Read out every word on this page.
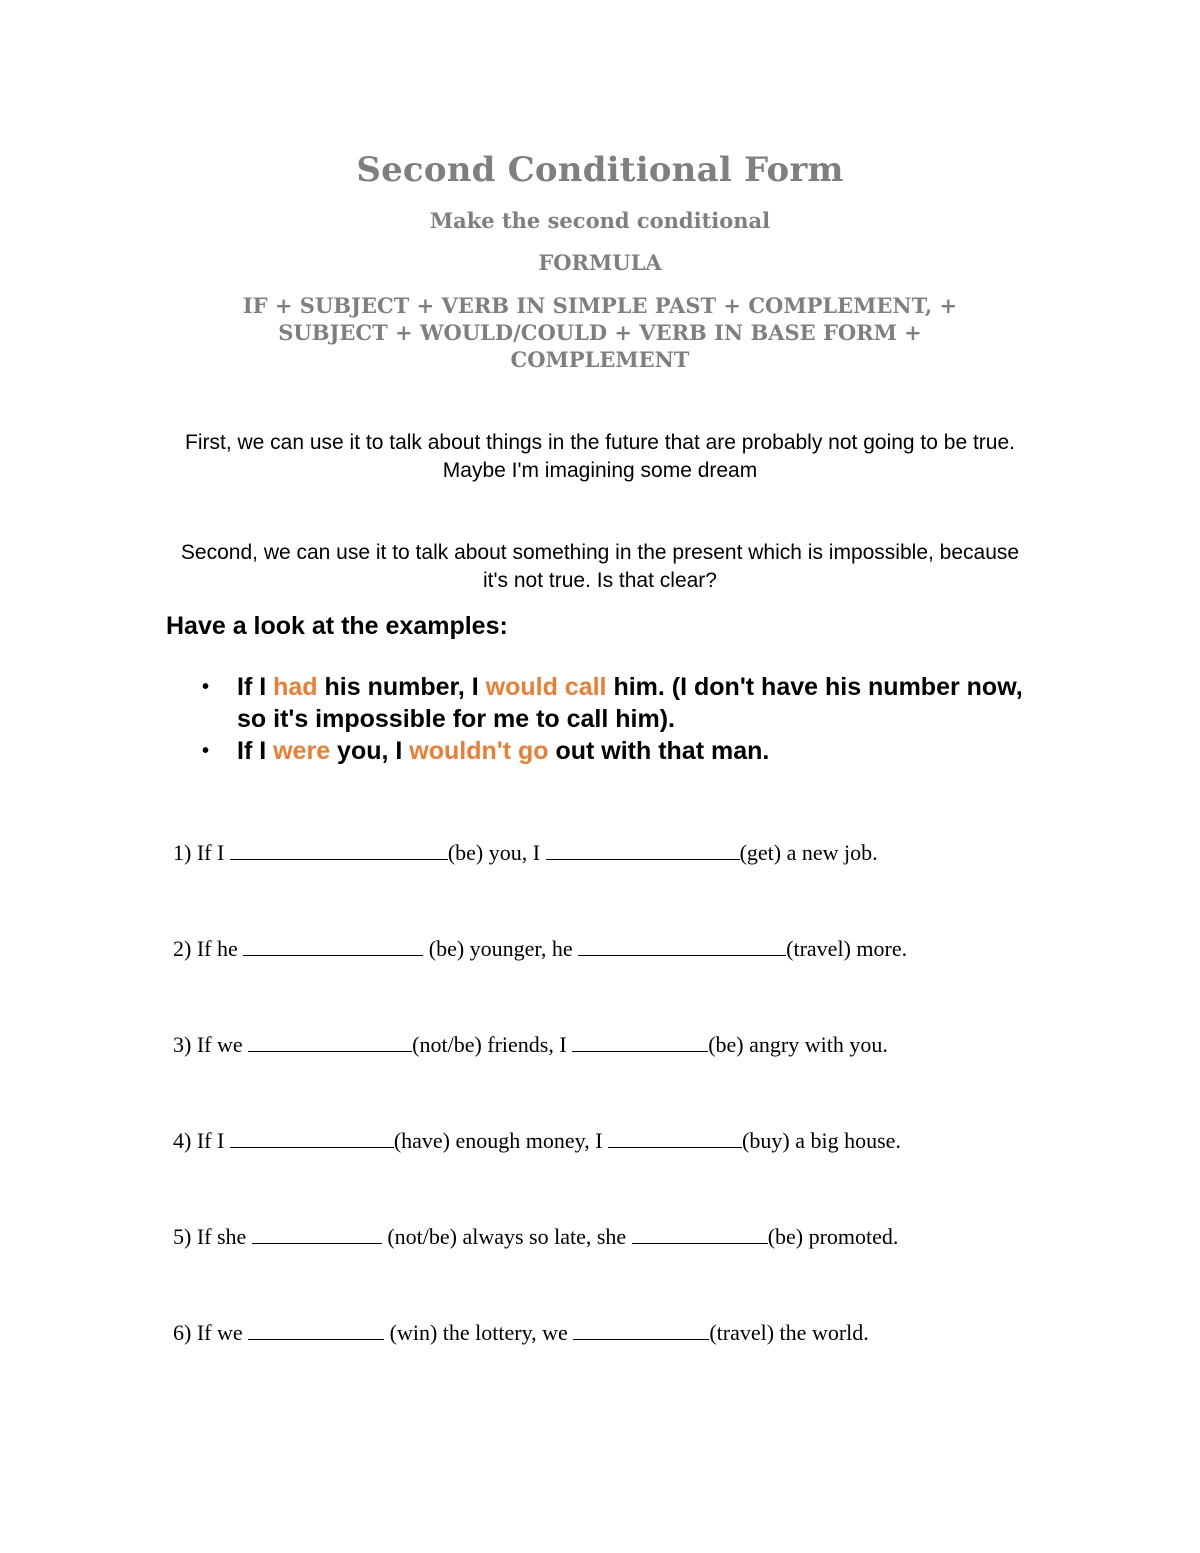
Second Conditional Form
Make the second conditional
FORMULA

IF + SUBJECT + VERB IN SIMPLE PAST + COMPLEMENT, + SUBJECT + WOULD/COULD + VERB IN BASE FORM + COMPLEMENT

First, we can use it to talk about things in the future that are probably not going to be true. Maybe I'm imagining some dream

Second, we can use it to talk about something in the present which is impossible, because it's not true. Is that clear?

Have a look at the examples:
• If I had his number, I would call him. (I don't have his number now, so it's impossible for me to call him).
• If I were you, I wouldn't go out with that man.
1) If I	(be) you, I	(get) a new job.
2) If he	(be) younger, he	(travel) more.
3) If we	(not/be) friends, I	(be) angry with you.
4) If I	(have) enough money, I	(buy) a big house.
5) If she	(not/be) always so late, she	(be) promoted.
6) If we	(win) the lottery, we	(travel) the world.
